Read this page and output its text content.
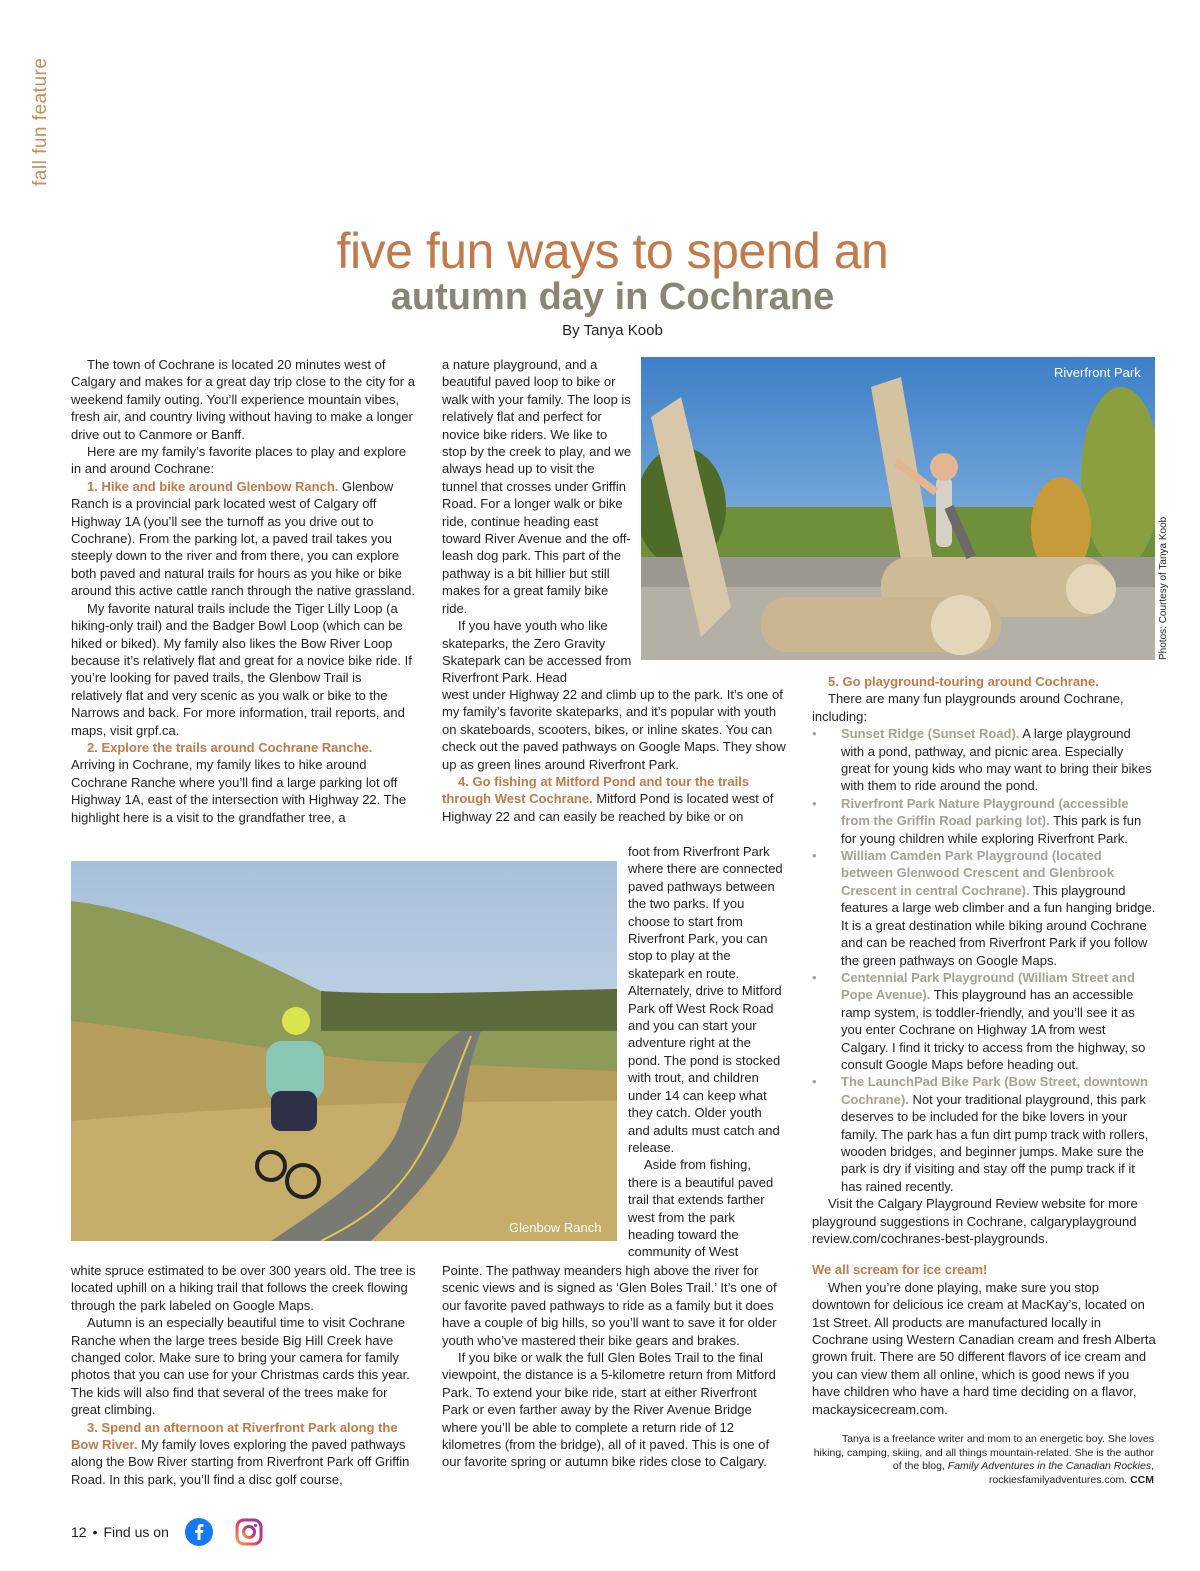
fall fun feature
five fun ways to spend an
autumn day in Cochrane
By Tanya Koob

The town of Cochrane is located 20 minutes west of Calgary and makes for a great day trip close to the city for a weekend family outing. You’ll experience mountain vibes, fresh air, and country living without having to make a longer drive out to Canmore or Banff.

Here are my family’s favorite places to play and explore in and around Cochrane:

1. Hike and bike around Glenbow Ranch. Glenbow Ranch is a provincial park located west of Calgary off Highway 1A (you’ll see the turnoff as you drive out to Cochrane). From the parking lot, a paved trail takes you steeply down to the river and from there, you can explore both paved and natural trails for hours as you hike or bike around this active cattle ranch through the native grassland.

My favorite natural trails include the Tiger Lilly Loop (a hiking-only trail) and the Badger Bowl Loop (which can be hiked or biked). My family also likes the Bow River Loop because it’s relatively flat and great for a novice bike ride. If you’re looking for paved trails, the Glenbow Trail is relatively flat and very scenic as you walk or bike to the Narrows and back. For more information, trail reports, and maps, visit grpf.ca.

2. Explore the trails around Cochrane Ranche.

Arriving in Cochrane, my family likes to hike around Cochrane Ranche where you’ll find a large parking lot off Highway 1A, east of the intersection with Highway 22. The highlight here is a visit to the grandfather tree, a

a nature playground, and a beautiful paved loop to bike or walk with your family. The loop is relatively flat and perfect for novice bike riders. We like to stop by the creek to play, and we always head up to visit the tunnel that crosses under Griffin Road. For a longer walk or bike ride, continue heading east toward River Avenue and the off-leash dog park. This part of the pathway is a bit hillier but still makes for a great family bike ride.

If you have youth who like skateparks, the Zero Gravity Skatepark can be accessed from Riverfront Park. Head

west under Highway 22 and climb up to the park. It’s one of my family’s favorite skateparks, and it’s popular with youth on skateboards, scooters, bikes, or inline skates. You can check out the paved pathways on Google Maps. They show up as green lines around Riverfront Park.

4. Go fishing at Mitford Pond and tour the trails through West Cochrane. Mitford Pond is located west of Highway 22 and can easily be reached by bike or on

foot from Riverfront Park where there are connected paved pathways between the two parks. If you choose to start from Riverfront Park, you can stop to play at the skatepark en route. Alternately, drive to Mitford Park off West Rock Road and you can start your adventure right at the pond. The pond is stocked with trout, and children under 14 can keep what they catch. Older youth and adults must catch and release.

Aside from fishing, there is a beautiful paved trail that extends farther west from the park heading toward the community of West

Riverfront Park
Photos: Courtesy of Tanya Koob
Glenbow Ranch

white spruce estimated to be over 300 years old. The tree is located uphill on a hiking trail that follows the creek flowing through the park labeled on Google Maps.

Autumn is an especially beautiful time to visit Cochrane Ranche when the large trees beside Big Hill Creek have changed color. Make sure to bring your camera for family photos that you can use for your Christmas cards this year. The kids will also find that several of the trees make for great climbing.

3. Spend an afternoon at Riverfront Park along the Bow River. My family loves exploring the paved pathways along the Bow River starting from Riverfront Park off Griffin Road. In this park, you’ll find a disc golf course,

Pointe. The pathway meanders high above the river for scenic views and is signed as ‘Glen Boles Trail.’ It’s one of our favorite paved pathways to ride as a family but it does have a couple of big hills, so you’ll want to save it for older youth who’ve mastered their bike gears and brakes.

If you bike or walk the full Glen Boles Trail to the final viewpoint, the distance is a 5-kilometre return from Mitford Park. To extend your bike ride, start at either Riverfront Park or even farther away by the River Avenue Bridge where you’ll be able to complete a return ride of 12 kilometres (from the bridge), all of it paved. This is one of our favorite spring or autumn bike rides close to Calgary.

5. Go playground-touring around Cochrane.

There are many fun playgrounds around Cochrane, including:

• Sunset Ridge (Sunset Road). A large playground with a pond, pathway, and picnic area. Especially great for young kids who may want to bring their bikes with them to ride around the pond.
• Riverfront Park Nature Playground (accessible from the Griffin Road parking lot). This park is fun for young children while exploring Riverfront Park.
• William Camden Park Playground (located between Glenwood Crescent and Glenbrook Crescent in central Cochrane). This playground features a large web climber and a fun hanging bridge. It is a great destination while biking around Cochrane and can be reached from Riverfront Park if you follow the green pathways on Google Maps.
• Centennial Park Playground (William Street and Pope Avenue). This playground has an accessible ramp system, is toddler-friendly, and you’ll see it as you enter Cochrane on Highway 1A from west Calgary. I find it tricky to access from the highway, so consult Google Maps before heading out.
• The LaunchPad Bike Park (Bow Street, downtown Cochrane). Not your traditional playground, this park deserves to be included for the bike lovers in your family. The park has a fun dirt pump track with rollers, wooden bridges, and beginner jumps. Make sure the park is dry if visiting and stay off the pump track if it has rained recently.

Visit the Calgary Playground Review website for more playground suggestions in Cochrane, calgaryplayground review.com/cochranes-best-playgrounds.

We all scream for ice cream!

When you’re done playing, make sure you stop downtown for delicious ice cream at MacKay’s, located on 1st Street. All products are manufactured locally in Cochrane using Western Canadian cream and fresh Alberta grown fruit. There are 50 different flavors of ice cream and you can view them all online, which is good news if you have children who have a hard time deciding on a flavor, mackaysicecream.com.

Tanya is a freelance writer and mom to an energetic boy. She loves hiking, camping, skiing, and all things mountain-related. She is the author of the blog, Family Adventures in the Canadian Rockies, rockiesfamilyadventures.com. CCM
12 • Find us on
